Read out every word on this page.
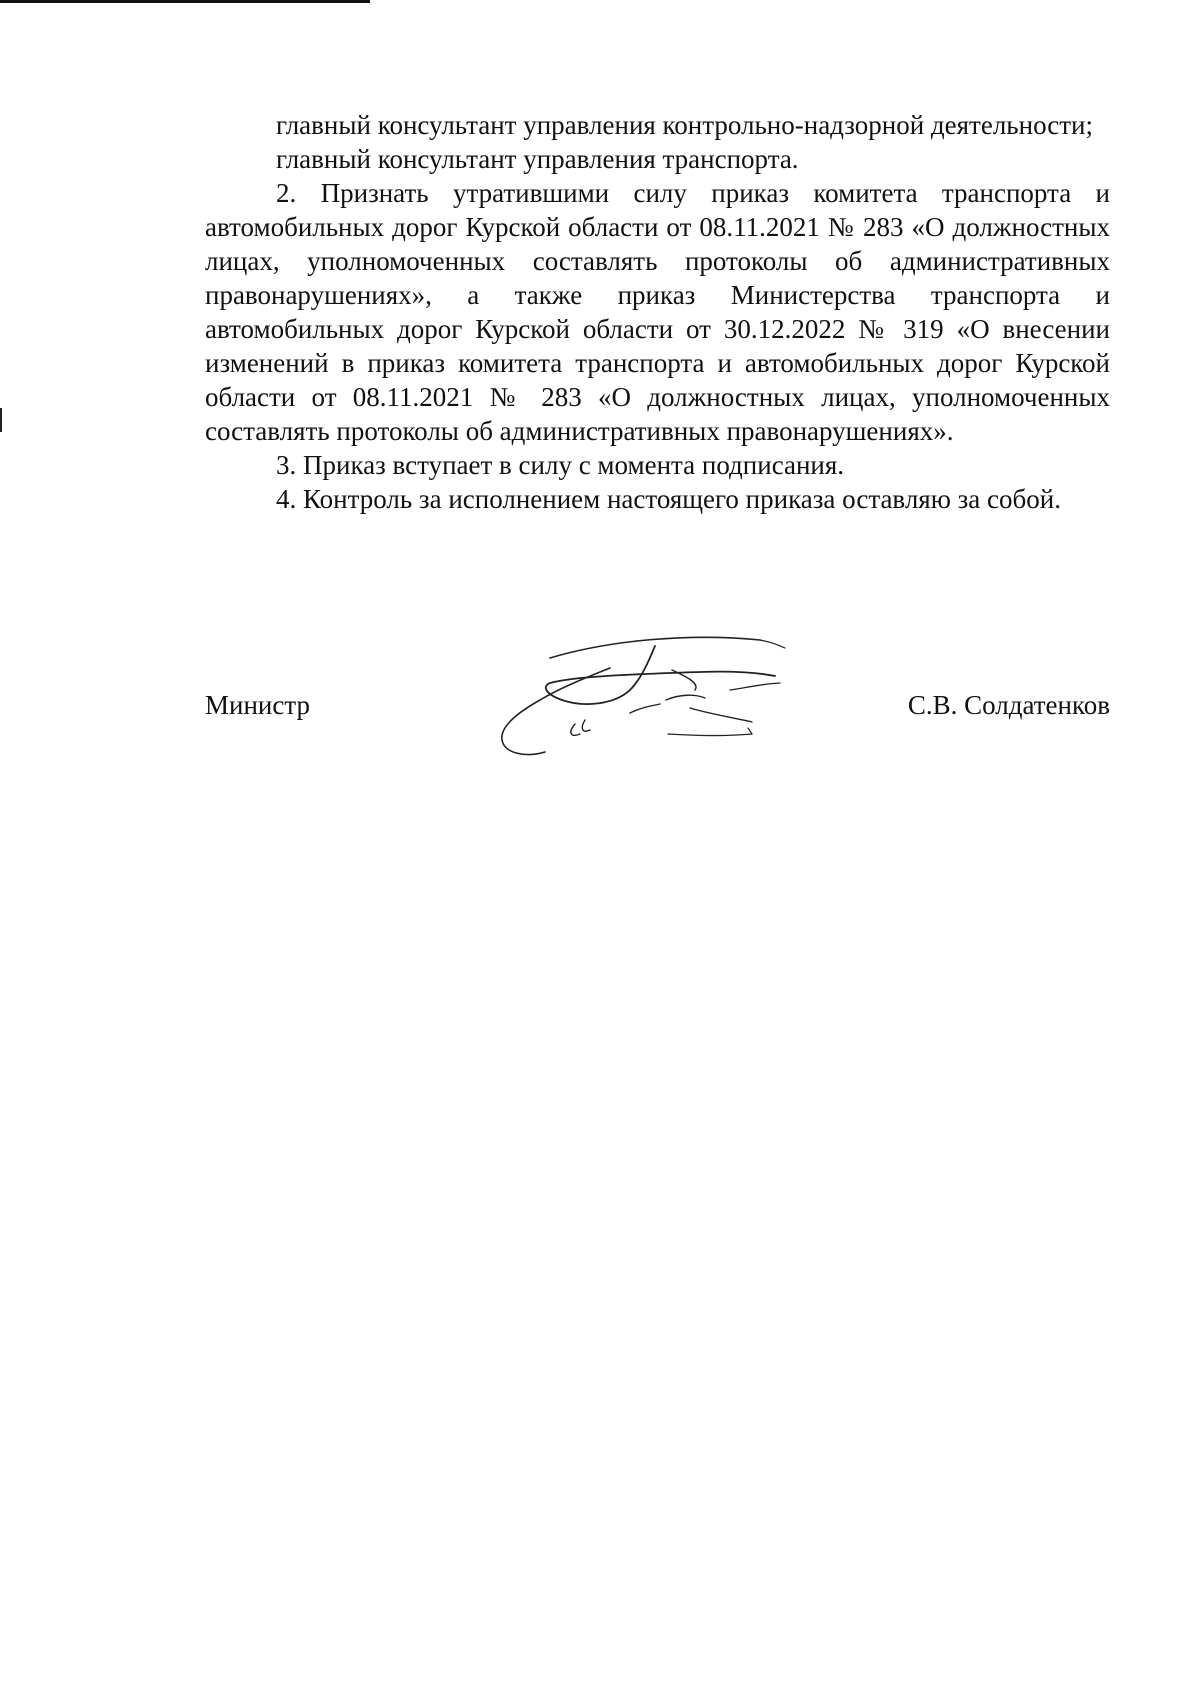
главный консультант управления контрольно-надзорной деятельности;

главный консультант управления транспорта.

2. Признать утратившими силу приказ комитета транспорта и автомобильных дорог Курской области от 08.11.2021 № 283 «О должностных лицах, уполномоченных составлять протоколы об административных правонарушениях», а также приказ Министерства транспорта и автомобильных дорог Курской области от 30.12.2022 № 319 «О внесении изменений в приказ комитета транспорта и автомобильных дорог Курской области от 08.11.2021 № 283 «О должностных лицах, уполномоченных составлять протоколы об административных правонарушениях».

3. Приказ вступает в силу с момента подписания.

4. Контроль за исполнением настоящего приказа оставляю за собой.

Министр	С.В. Солдатенков
